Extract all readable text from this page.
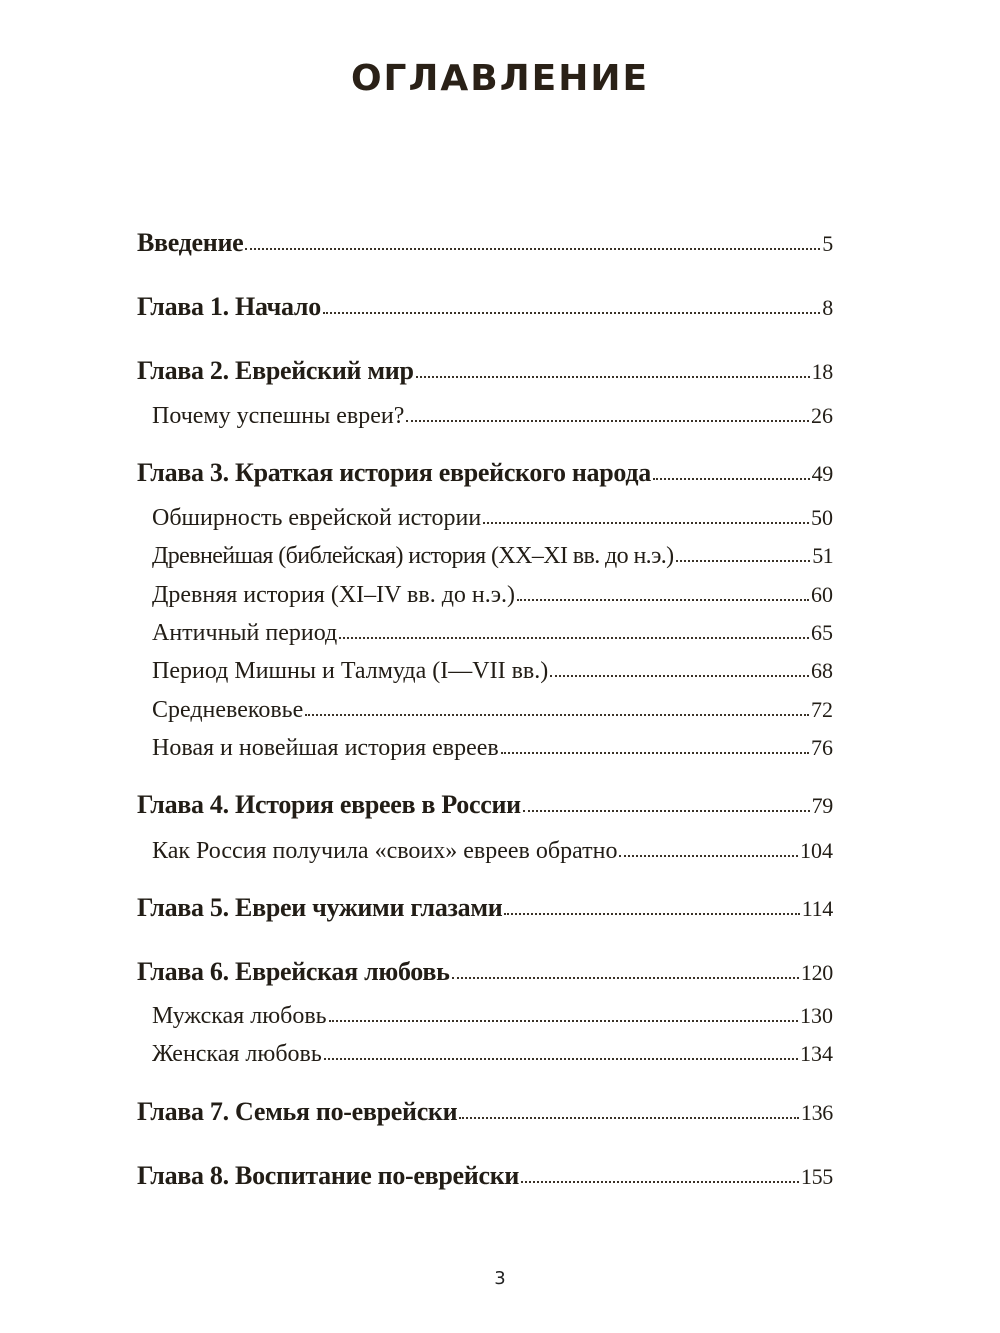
ОГЛАВЛЕНИЕ
Введение	5
Глава 1. Начало	8
Глава 2. Еврейский мир	18
Почему успешны евреи?	26
Глава 3. Краткая история еврейского народа	49
Обширность еврейской истории	50
Древнейшая (библейская) история (XX–XI вв. до н.э.)	51
Древняя история (XI–IV вв. до н.э.)	60
Античный период	65
Период Мишны и Талмуда (I—VII вв.)	68
Средневековье	72
Новая и новейшая история евреев	76
Глава 4. История евреев в России	79
Как Россия получила «своих» евреев обратно	104
Глава 5. Евреи чужими глазами	114
Глава 6. Еврейская любовь	120
Мужская любовь	130
Женская любовь	134
Глава 7. Семья по-еврейски	136
Глава 8. Воспитание по-еврейски	155
3
